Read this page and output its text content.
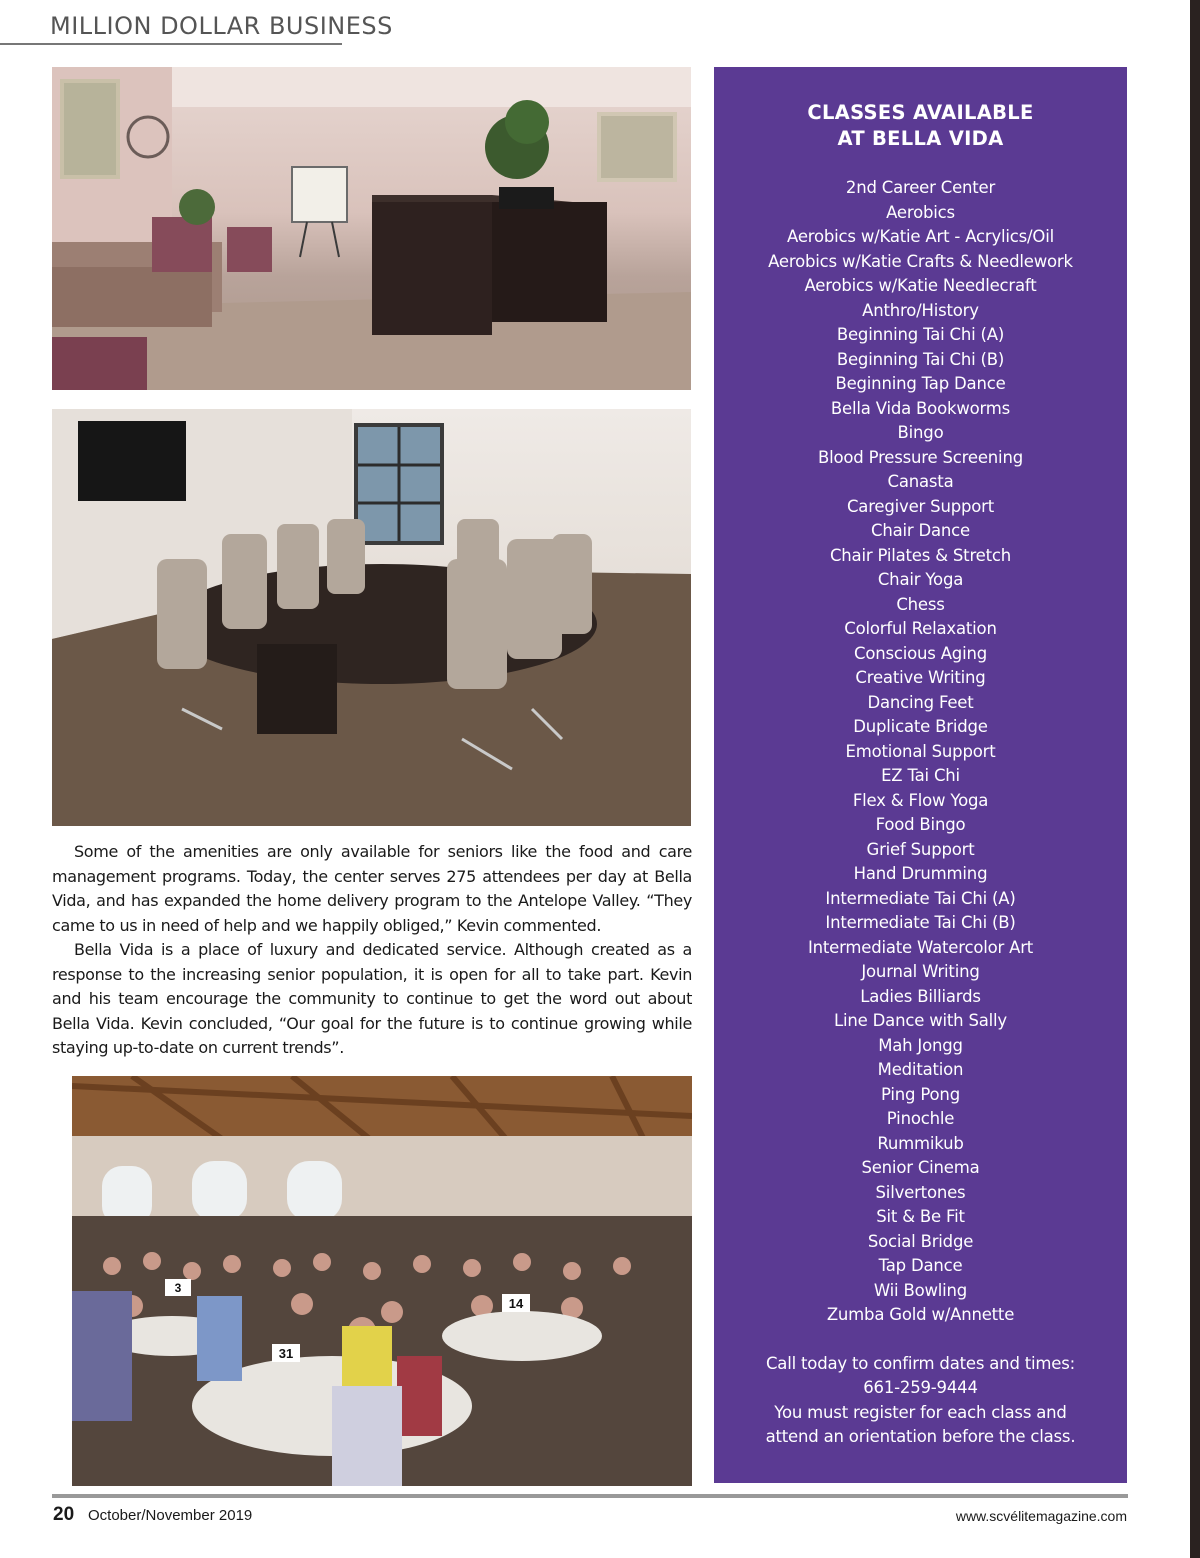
MILLION DOLLAR BUSINESS

Some of the amenities are only available for seniors like the food and care management programs. Today, the center serves 275 attendees per day at Bella Vida, and has expanded the home delivery program to the Antelope Valley. “They came to us in need of help and we happily obliged,” Kevin commented.

Bella Vida is a place of luxury and dedicated service. Although created as a response to the increasing senior population, it is open for all to take part. Kevin and his team encourage the community to continue to get the word out about Bella Vida. Kevin concluded, “Our goal for the future is to continue growing while staying up-to-date on current trends”.

31
14
3
CLASSES AVAILABLE
AT BELLA VIDA
2nd Career Center
Aerobics
Aerobics w/Katie Art - Acrylics/Oil
Aerobics w/Katie Crafts & Needlework
Aerobics w/Katie Needlecraft
Anthro/History
Beginning Tai Chi (A)
Beginning Tai Chi (B)
Beginning Tap Dance
Bella Vida Bookworms
Bingo
Blood Pressure Screening
Canasta
Caregiver Support
Chair Dance
Chair Pilates & Stretch
Chair Yoga
Chess
Colorful Relaxation
Conscious Aging
Creative Writing
Dancing Feet
Duplicate Bridge
Emotional Support
EZ Tai Chi
Flex & Flow Yoga
Food Bingo
Grief Support
Hand Drumming
Intermediate Tai Chi (A)
Intermediate Tai Chi (B)
Intermediate Watercolor Art
Journal Writing
Ladies Billiards
Line Dance with Sally
Mah Jongg
Meditation
Ping Pong
Pinochle
Rummikub
Senior Cinema
Silvertones
Sit & Be Fit
Social Bridge
Tap Dance
Wii Bowling
Zumba Gold w/Annette
Call today to confirm dates and times:
661-259-9444
You must register for each class and
attend an orientation before the class.
20 October/November 2019	www.scvélitemagazine.com
